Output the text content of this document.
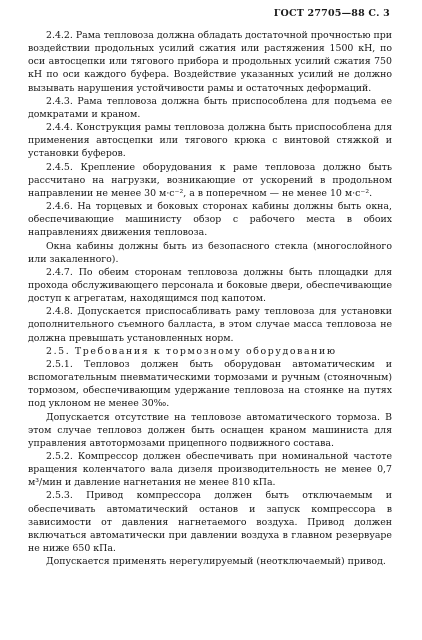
ГОСТ 27705—88 С. 3

2.4.2. Рама тепловоза должна обладать достаточной прочностью при воздействии продольных усилий сжатия или растяжения 1500 кН, по оси автосцепки или тягового прибора и продольных усилий сжатия 750 кН по оси каждого буфера. Воздействие указанных усилий не должно вызывать нарушения устойчивости рамы и остаточных деформаций.

2.4.3. Рама тепловоза должна быть приспособлена для подъема ее домкратами и краном.

2.4.4. Конструкция рамы тепловоза должна быть приспособлена для применения автосцепки или тягового крюка с винтовой стяжкой и установки буферов.

2.4.5. Крепление оборудования к раме тепловоза должно быть рассчитано на нагрузки, возникающие от ускорений в продольном направлении не менее 30 м·с⁻², а в поперечном — не менее 10 м·с⁻².

2.4.6. На торцевых и боковых сторонах кабины должны быть окна, обеспечивающие машинисту обзор с рабочего места в обоих направлениях движения тепловоза.

Окна кабины должны быть из безопасного стекла (многослойного или закаленного).

2.4.7. По обеим сторонам тепловоза должны быть площадки для прохода обслуживающего персонала и боковые двери, обеспечивающие доступ к агрегатам, находящимся под капотом.

2.4.8. Допускается приспосабливать раму тепловоза для установки дополнительного съемного балласта, в этом случае масса тепловоза не должна превышать установленных норм.

2.5. Требования к тормозному оборудованию

2.5.1. Тепловоз должен быть оборудован автоматическим и вспомогательным пневматическими тормозами и ручным (стояночным) тормозом, обеспечивающим удержание тепловоза на стоянке на путях под уклоном не менее 30‰.

Допускается отсутствие на тепловозе автоматического тормоза. В этом случае тепловоз должен быть оснащен краном машиниста для управления автотормозами прицепного подвижного состава.

2.5.2. Компрессор должен обеспечивать при номинальной частоте вращения коленчатого вала дизеля производительность не менее 0,7 м³/мин и давление нагнетания не менее 810 кПа.

2.5.3. Привод компрессора должен быть отключаемым и обеспечивать автоматический останов и запуск компрессора в зависимости от давления нагнетаемого воздуха. Привод должен включаться автоматически при давлении воздуха в главном резервуаре не ниже 650 кПа.

Допускается применять нерегулируемый (неотключаемый) привод.
